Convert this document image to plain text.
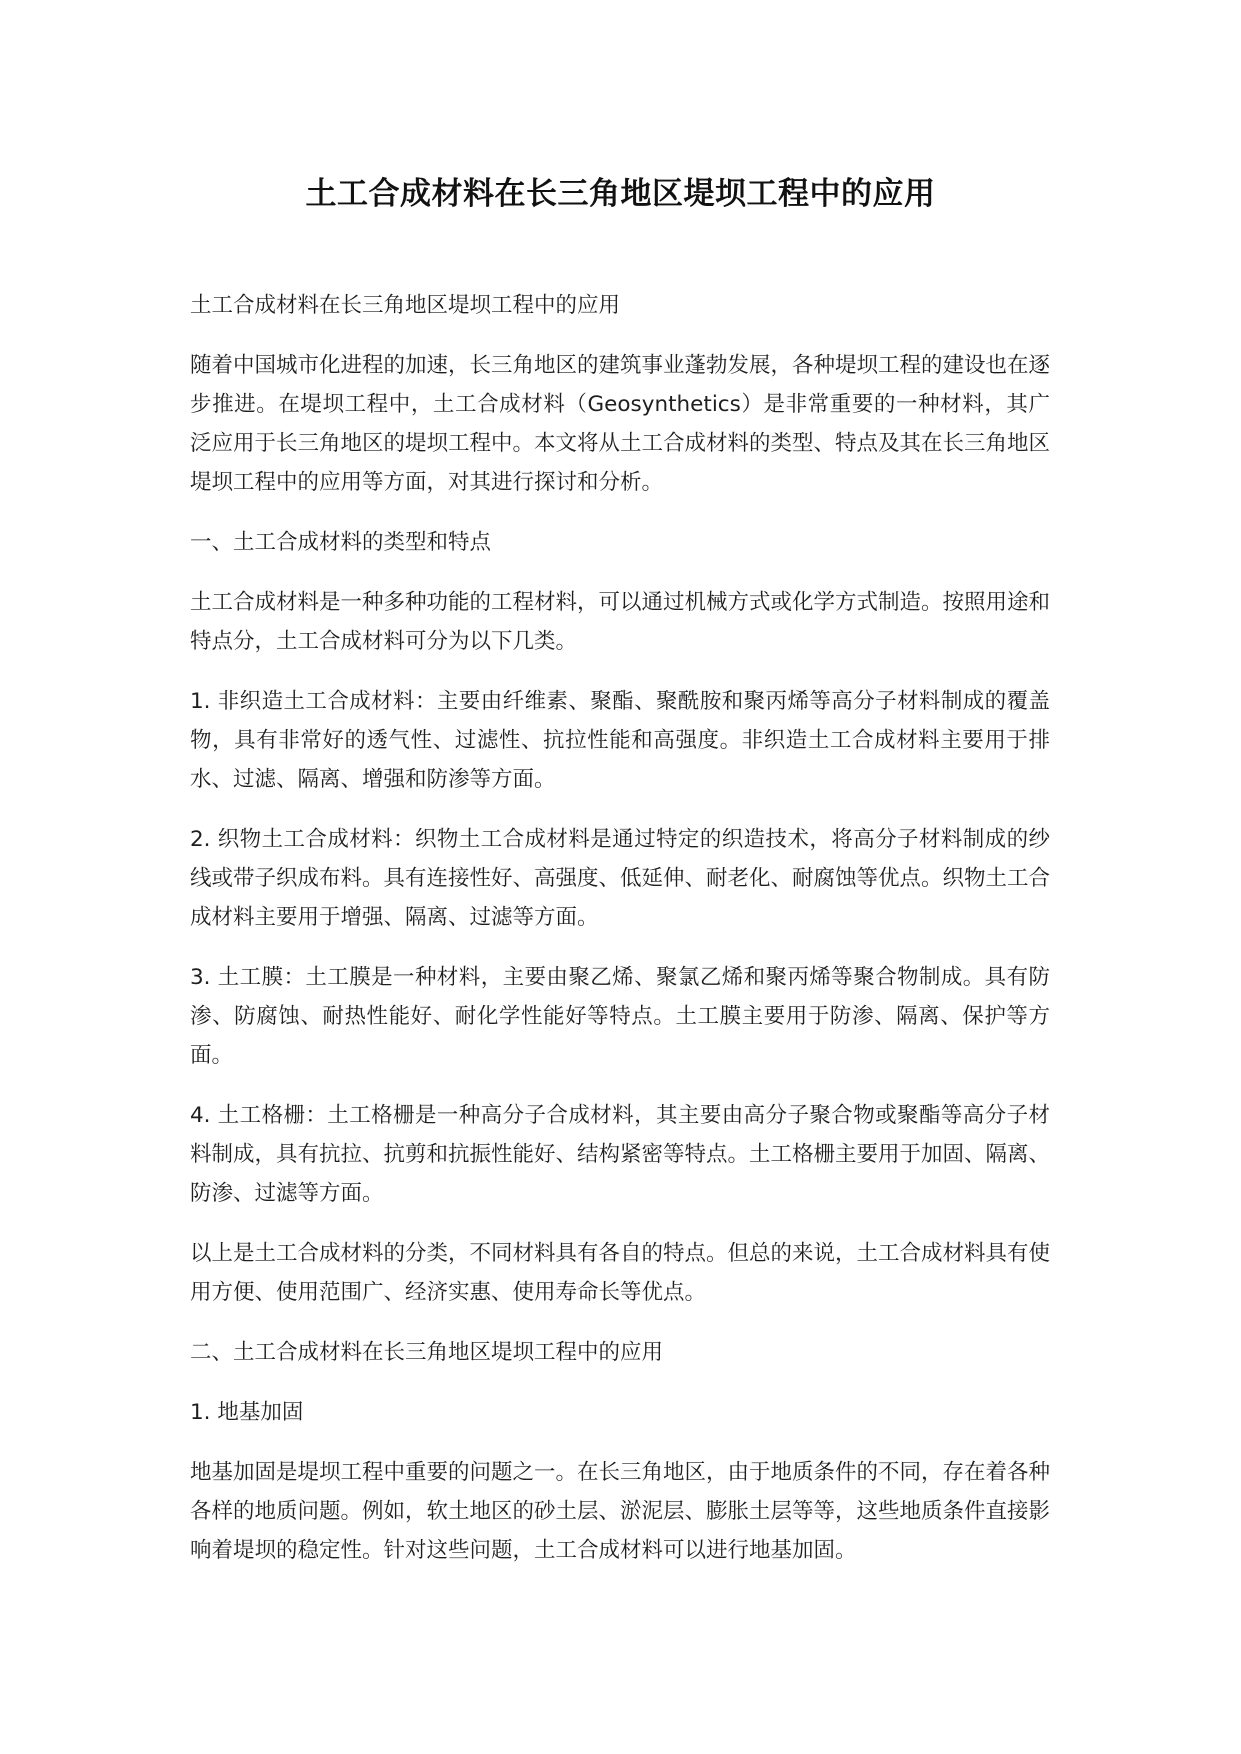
土工合成材料在长三角地区堤坝工程中的应用

土工合成材料在长三角地区堤坝工程中的应用

随着中国城市化进程的加速，长三角地区的建筑事业蓬勃发展，各种堤坝工程的建设也在逐步推进。在堤坝工程中，土工合成材料（Geosynthetics）是非常重要的一种材料，其广泛应用于长三角地区的堤坝工程中。本文将从土工合成材料的类型、特点及其在长三角地区堤坝工程中的应用等方面，对其进行探讨和分析。

一、土工合成材料的类型和特点

土工合成材料是一种多种功能的工程材料，可以通过机械方式或化学方式制造。按照用途和特点分，土工合成材料可分为以下几类。

1. 非织造土工合成材料：主要由纤维素、聚酯、聚酰胺和聚丙烯等高分子材料制成的覆盖物，具有非常好的透气性、过滤性、抗拉性能和高强度。非织造土工合成材料主要用于排水、过滤、隔离、增强和防渗等方面。

2. 织物土工合成材料：织物土工合成材料是通过特定的织造技术，将高分子材料制成的纱线或带子织成布料。具有连接性好、高强度、低延伸、耐老化、耐腐蚀等优点。织物土工合成材料主要用于增强、隔离、过滤等方面。

3. 土工膜：土工膜是一种材料，主要由聚乙烯、聚氯乙烯和聚丙烯等聚合物制成。具有防渗、防腐蚀、耐热性能好、耐化学性能好等特点。土工膜主要用于防渗、隔离、保护等方面。

4. 土工格栅：土工格栅是一种高分子合成材料，其主要由高分子聚合物或聚酯等高分子材料制成，具有抗拉、抗剪和抗振性能好、结构紧密等特点。土工格栅主要用于加固、隔离、防渗、过滤等方面。

以上是土工合成材料的分类，不同材料具有各自的特点。但总的来说，土工合成材料具有使用方便、使用范围广、经济实惠、使用寿命长等优点。

二、土工合成材料在长三角地区堤坝工程中的应用

1. 地基加固

地基加固是堤坝工程中重要的问题之一。在长三角地区，由于地质条件的不同，存在着各种各样的地质问题。例如，软土地区的砂土层、淤泥层、膨胀土层等等，这些地质条件直接影响着堤坝的稳定性。针对这些问题，土工合成材料可以进行地基加固。
